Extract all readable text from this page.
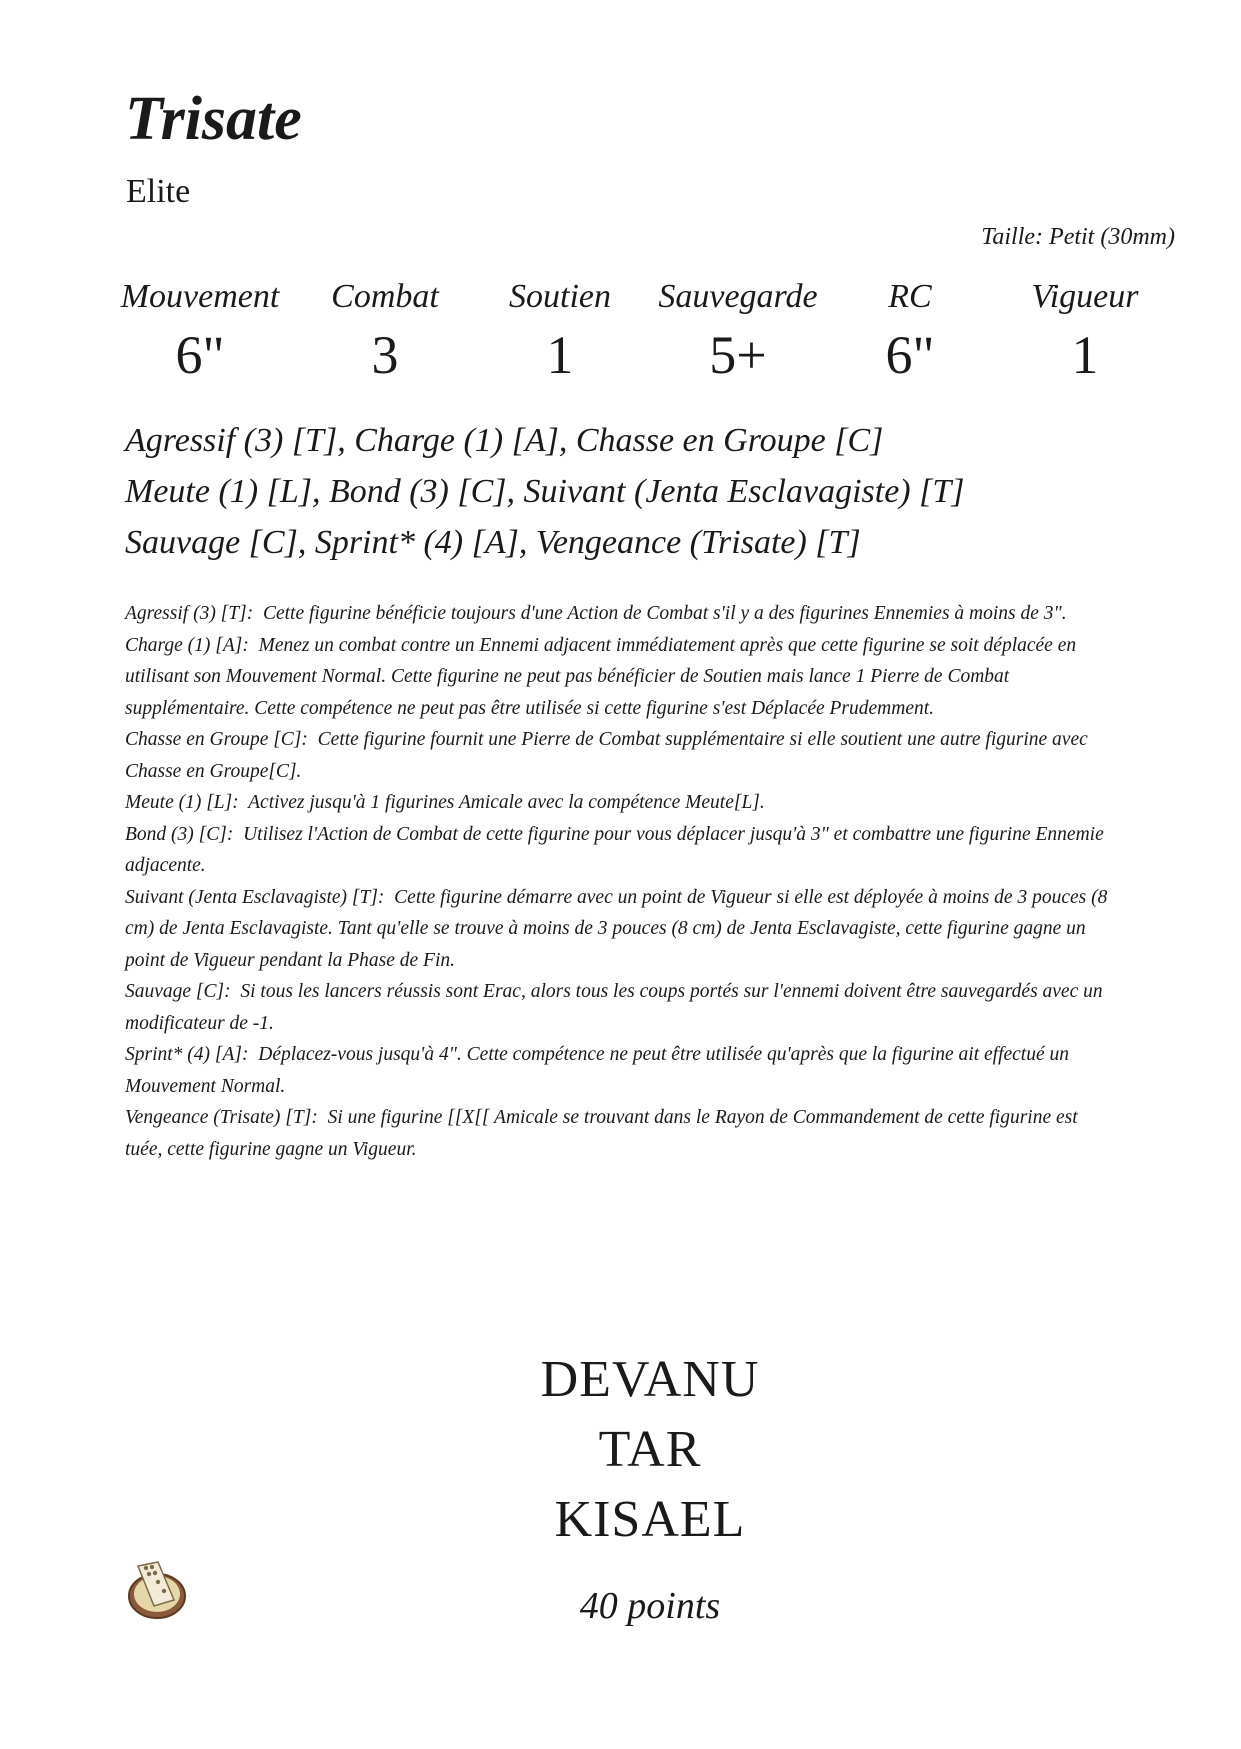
Trisate
Elite
Taille: Petit (30mm)
Mouvement
6"
Combat
3
Soutien
1
Sauvegarde
5+
RC
6"
Vigueur
1
Agressif (3) [T], Charge (1) [A], Chasse en Groupe [C]
Meute (1) [L], Bond (3) [C], Suivant (Jenta Esclavagiste) [T]
Sauvage [C], Sprint* (4) [A], Vengeance (Trisate) [T]

Agressif (3) [T]: Cette figurine bénéficie toujours d'une Action de Combat s'il y a des figurines Ennemies à moins de 3".

Charge (1) [A]: Menez un combat contre un Ennemi adjacent immédiatement après que cette figurine se soit déplacée en utilisant son Mouvement Normal. Cette figurine ne peut pas bénéficier de Soutien mais lance 1 Pierre de Combat supplémentaire. Cette compétence ne peut pas être utilisée si cette figurine s'est Déplacée Prudemment.

Chasse en Groupe [C]: Cette figurine fournit une Pierre de Combat supplémentaire si elle soutient une autre figurine avec Chasse en Groupe[C].

Meute (1) [L]: Activez jusqu'à 1 figurines Amicale avec la compétence Meute[L].

Bond (3) [C]: Utilisez l'Action de Combat de cette figurine pour vous déplacer jusqu'à 3" et combattre une figurine Ennemie adjacente.

Suivant (Jenta Esclavagiste) [T]: Cette figurine démarre avec un point de Vigueur si elle est déployée à moins de 3 pouces (8 cm) de Jenta Esclavagiste. Tant qu'elle se trouve à moins de 3 pouces (8 cm) de Jenta Esclavagiste, cette figurine gagne un point de Vigueur pendant la Phase de Fin.

Sauvage [C]: Si tous les lancers réussis sont Erac, alors tous les coups portés sur l'ennemi doivent être sauvegardés avec un modificateur de -1.

Sprint* (4) [A]: Déplacez-vous jusqu'à 4". Cette compétence ne peut être utilisée qu'après que la figurine ait effectué un Mouvement Normal.

Vengeance (Trisate) [T]: Si une figurine [[X[[ Amicale se trouvant dans le Rayon de Commandement de cette figurine est tuée, cette figurine gagne un Vigueur.

DEVANU
TAR
KISAEL
40 points
